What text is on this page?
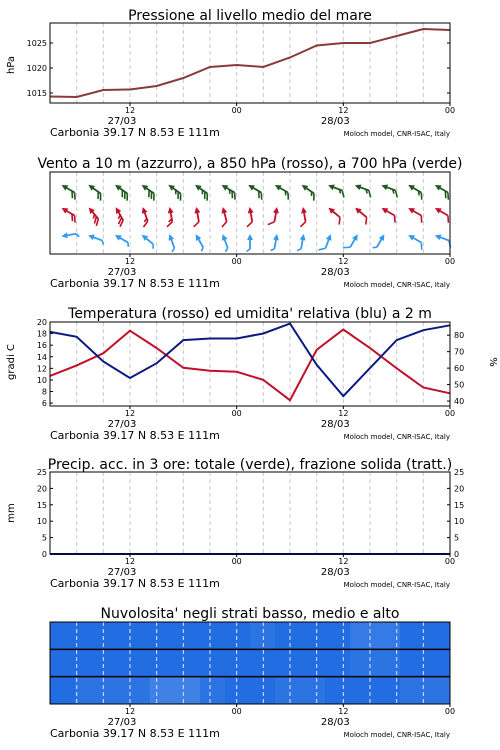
Pressione al livello medio del mare
hPa
1015
1020
1025
12	00	12	00
27/03	28/03
Carbonia 39.17 N 8.53 E 111m	Moloch model, CNR-ISAC, Italy
Vento a 10 m (azzurro), a 850 hPa (rosso), a 700 hPa (verde)
12	00	12	00
27/03	28/03
Carbonia 39.17 N 8.53 E 111m	Moloch model, CNR-ISAC, Italy
Temperatura (rosso) ed umidita' relativa (blu) a 2 m
gradi C	%
6
8
10
12
14
16
18
20
40
50
60
70
80
12	00	12	00
27/03	28/03
Carbonia 39.17 N 8.53 E 111m	Moloch model, CNR-ISAC, Italy
Precip. acc. in 3 ore: totale (verde), frazione solida (tratt.)
mm
0
5
10
15
20
25
0
5
10
15
20
25
12	00	12	00
27/03	28/03
Carbonia 39.17 N 8.53 E 111m	Moloch model, CNR-ISAC, Italy
Nuvolosita' negli strati basso, medio e alto
12	00	12	00
27/03	28/03
Carbonia 39.17 N 8.53 E 111m	Moloch model, CNR-ISAC, Italy
